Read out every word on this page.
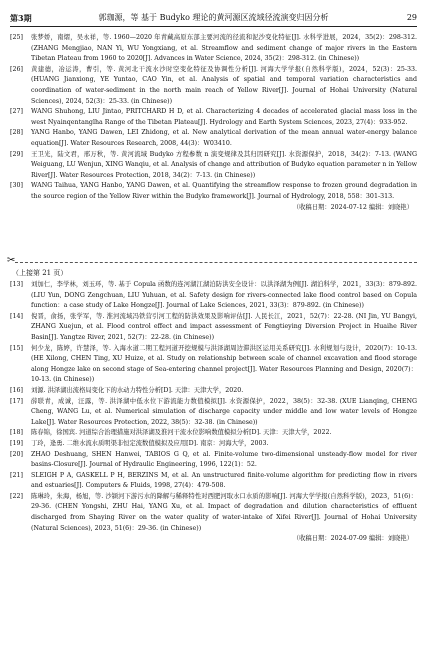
第3期	郭珈源，等 基于 Budyko 理论的黄河源区流域径流演变归因分析	29
[25] 张梦娇，南熠，吴永祥，等. 1960—2020 年青藏高原东部主要河流的径流和泥沙变化特征[J]. 水科学进展，2024，35(2)：298-312. (ZHANG Mengjiao, NAN Yi, WU Yongxiang, et al. Streamflow and sediment change of major rivers in the Eastern Tibetan Plateau from 1960 to 2020[J]. Advances in Water Science, 2024, 35(2)：298-312. (in Chinese))
[26] 黄建德，冶运涛，曹引，等. 黄河北干流水沙时空变化特征及协调性分析[J]. 河海大学学报(自然科学版)，2024，52(3)：25-33. (HUANG Jianxiong, YE Yuntao, CAO Yin, et al. Analysis of spatial and temporal variation characteristics and coordination of water-sediment in the north main reach of Yellow River[J]. Journal of Hohai University (Natural Sciences), 2024, 52(3)：25-33. (in Chinese))
[27] WANG Shuhong, LIU Jintao, PRITCHARD H D, et al. Characterizing 4 decades of accelerated glacial mass loss in the west Nyainqentanglha Range of the Tibetan Plateau[J]. Hydrology and Earth System Sciences, 2023, 27(4)：933-952.
[28] YANG Hanbo, YANG Dawen, LEI Zhidong, et al. New analytical derivation of the mean annual water-energy balance equation[J]. Water Resources Research, 2008, 44(3)：W03410.
[29] 王卫光，陆文君，邢万秋，等. 黄河流域 Budyko 方程参数 n 演变规律及其归因研究[J]. 水资源保护，2018，34(2)：7-13. (WANG Weiguang, LU Wenjun, XING Wanqiu, et al. Analysis of change and attribution of Budyko equation parameter n in Yellow River[J]. Water Resources Protection, 2018, 34(2)：7-13. (in Chinese))
[30] WANG Taihua, YANG Hanbo, YANG Dawen, et al. Quantifying the streamflow response to frozen ground degradation in the source region of the Yellow River within the Budyko framework[J]. Journal of Hydrology, 2018, 558：301-313.
（收稿日期：2024-07-12 编辑：刘晓艳）
✂
（上接第 21 页）
[13] 刘加仁，李学林，刘玉环，等. 基于 Copula 函数的连河湖江湖泊防洪安全设计：以洪泽湖为例[J]. 湖泊科学，2021，33(3)：879-892. (LIU Yun, DONG Zengchuan, LIU Yuhuan, et al. Safety design for rivers-connected lake flood control based on Copula function：a case study of Lake Hongze[J]. Journal of Lake Sciences, 2021, 33(3)：879-892. (in Chinese))
[14] 倪晋，俞扬，张学军，等. 淮河流域冯铁营引河工程的防洪效果及影响评估[J]. 人民长江，2021，52(7)：22-28. (NI Jin, YU Bangyi, ZHANG Xuejun, et al. Flood control effect and impact assessment of Fengtieying Diversion Project in Huaihe River Basin[J]. Yangtze River, 2021, 52(7)：22-28. (in Chinese))
[15] 何少龙，陈婷，许慧泽，等. 入海水道二期工程河道开挖规模与洪泽湖周边滞洪区运用关系研究[J]. 水利规划与设计，2020(7)：10-13. (HE Xilong, CHEN Ting, XU Huize, et al. Study on relationship between scale of channel excavation and flood storage along Hongze lake on second stage of Sea-entering channel project[J]. Water Resources Planning and Design, 2020(7)：10-13. (in Chinese))
[16] 刘源. 洪泽湖出流格局变化下的水动力特性分析[D]. 天津：天津大学，2020.
[17] 薛联青，成诚，汪露，等. 洪泽湖中低水位下游流能力数值模拟[J]. 水资源保护，2022，38(5)：32-38. (XUE Lianqing, CHENG Cheng, WANG Lu, et al. Numerical simulation of discharge capacity under middle and low water levels of Hongze Lake[J]. Water Resources Protection, 2022, 38(5)：32-38. (in Chinese))
[18] 陈春锦，徐国宾. 河道综合治理措施对洪泽湖及淮河干流水位影响数值模拟分析[D]. 天津：天津大学，2022.
[19] 丁玲，逄勇. 二维水流水质明渠非恒定流数值模拟及应用[D]. 南京：河海大学，2003.
[20] ZHAO Deshuang, SHEN Hanwei, TABIOS G Q, et al. Finite-volume two-dimensional unsteady-flow model for river basins-Closure[J]. Journal of Hydraulic Engineering, 1996, 122(1)：52.
[21] SLEIGH P A, GASKELL P H, BERZINS M, et al. An unstructured finite-volume algorithm for predicting flow in rivers and estuaries[J]. Computers & Fluids, 1998, 27(4)：479-508.
[22] 陈琳玲，朱海，杨旭，等. 沙颍河下游污水的降解与稀释特性对西肥河取水口水质的影响[J]. 河海大学学报(自然科学版)，2023，51(6)：29-36. (CHEN Yongshi, ZHU Hai, YANG Xu, et al. Impact of degradation and dilution characteristics of effluent discharged from Shaying River on the water quality of water-intake of Xifei River[J]. Journal of Hohai University (Natural Sciences), 2023, 51(6)：29-36. (in Chinese))
（收稿日期：2024-07-09 编辑：刘晓艳）
